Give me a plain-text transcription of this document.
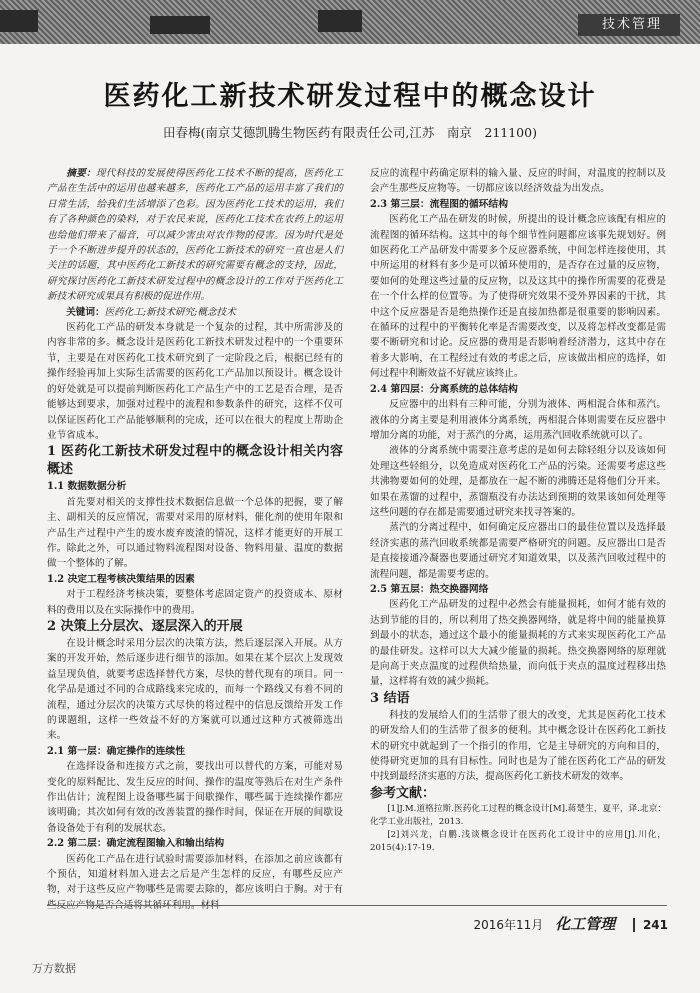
技术管理
医药化工新技术研发过程中的概念设计
田春梅(南京艾德凯腾生物医药有限责任公司,江苏　南京　211100)

摘要：现代科技的发展使得医药化工技术不断的提高，医药化工产品在生活中的运用也越来越多，医药化工产品的运用丰富了我们的日常生活，给我们生活增添了色彩。因为医药化工技术的运用，我们有了各种颜色的染料，对于农民来说，医药化工技术在农药上的运用也给他们带来了福音，可以减少害虫对农作物的侵害。因为时代是处于一个不断进步提升的状态的，医药化工新技术的研究一直也是人们关注的话题，其中医药化工新技术的研究需要有概念的支持，因此，研究探讨医药化工新技术研发过程中的概念设计的工作对于医药化工新技术研究成果具有积极的促进作用。

关键词：医药化工;新技术研究;概念技术

医药化工产品的研发本身就是一个复杂的过程，其中所需涉及的内容非常的多。概念设计是医药化工新技术研发过程中的一个重要环节，主要是在对医药化工技术研究到了一定阶段之后，根据已经有的操作经验再加上实际生活需要的医药化工产品加以预设计。概念设计的好处就是可以提前判断医药化工产品生产中的工艺是否合理，是否能够达到要求，加强对过程中的流程和参数条件的研究，这样不仅可以保证医药化工产品能够顺利的完成，还可以在很大的程度上帮助企业节省成本。

1 医药化工新技术研发过程中的概念设计相关内容概述

1.1 数据数据分析

首先要对相关的支撑性技术数据信息做一个总体的把握，要了解主、副相关的反应情况，需要对采用的原材料，催化剂的使用年限和产品生产过程中产生的废水废弃废渣的情况，这样才能更好的开展工作。除此之外，可以通过物料流程图对设备、物料用量、温度的数据做一个整体的了解。

1.2 决定工程考核决策结果的因素

对于工程经济考核决策，要整体考虑固定资产的投资成本、原材料的费用以及在实际操作中的费用。

2 决策上分层次、逐层深入的开展

在设计概念时采用分层次的决策方法，然后逐层深入开展。从方案的开发开始，然后逐步进行细节的添加。如果在某个层次上发现效益呈现负值，就要考虑选择替代方案，尽快的替代现有的项目。同一化学品是通过不同的合成路线来完成的，而每一个路线又有着不同的流程，通过分层次的决策方式尽快的将过程中的信息反馈给开发工作的课题组，这样一些效益不好的方案就可以通过这种方式被筛选出来。

2.1 第一层：确定操作的连续性

在选择设备和连接方式之前，要找出可以替代的方案，可能对易变化的原料配比、发生反应的时间、操作的温度等熟后在对生产条件作出估计；流程图上设备哪些属于间歇操作，哪些属于连续操作都应该明确；其次如何有效的改善装置的操作时间，保证在开展的间歇设备设备处于有利的发展状态。

2.2 第二层：确定流程图输入和输出结构

医药化工产品在进行试验时需要添加材料，在添加之前应该都有个预估，知道材料加入进去之后是产生怎样的反应，有哪些反应产物，对于这些反应产物哪些是需要去除的，都应该明白于胸。对于有些反应产物是否合适将其循环利用。材料

反应的流程中药确定原料的输入量、反应的时间，对温度的控制以及会产生那些反应物等。一切都应该以经济效益为出发点。

2.3 第三层：流程图的循环结构

医药化工产品在研发的时候，所提出的设计概念应该配有相应的流程图的循环结构。这其中的每个细节性问题都应该事先规划好。例如医药化工产品研发中需要多个反应器系统，中间怎样连接使用，其中所运用的材料有多少是可以循环使用的，是否存在过量的反应物，要如何的处理这些过量的反应物，以及这其中的操作所需要的花费是在一个什么样的位置等。为了使得研究效果不受外界因素的干扰，其中这个反应器是否是绝热操作还是直接加热都是很重要的影响因素。在循环的过程中的平衡转化率是否需要改变，以及将怎样改变都是需要不断研究和讨论。反应器的费用是否影响着经济潜力，这其中存在着多大影响，在工程经过有效的考虑之后，应该做出相应的选择，如何过程中利断效益不好就应该终止。

2.4 第四层：分离系统的总体结构

反应器中的出料有三种可能，分别为液体、两相混合体和蒸汽。液体的分离主要是利用液体分离系统，两相混合体则需要在反应器中增加分离的功能，对于蒸汽的分离，运用蒸汽回收系统就可以了。

液体的分离系统中需要注意考虑的是如何去除轻组分以及该如何处理这些轻组分，以免造成对医药化工产品的污染。还需要考虑这些共沸物要如何的处理，是都放在一起不断的沸腾还是将他们分开来。如果在蒸馏的过程中，蒸馏瓶没有办法达到预期的效果该如何处理等这些问题的存在都是需要通过研究来找寻答案的。

蒸汽的分离过程中，如何确定反应器出口的最佳位置以及选择最经济实惠的蒸汽回收系统都是需要严格研究的问题。反应器出口是否是直接接通冷凝器也要通过研究才知道效果，以及蒸汽回收过程中的流程问题，都是需要考虑的。

2.5 第五层：热交换器网络

医药化工产品研发的过程中必然会有能量损耗，如何才能有效的达到节能的目的，所以利用了热交换器网络，就是将中间的能量换算到最小的状态，通过这个最小的能量损耗的方式来实现医药化工产品的最佳研发。这样可以大大减少能量的损耗。热交换器网络的原理就是向高于夹点温度的过程供给热量，而向低于夹点的温度过程移出热量，这样将有效的减少损耗。

3 结语

科技的发展给人们的生活带了很大的改变，尤其是医药化工技术的研发给人们的生活带了很多的便利。其中概念设计在医药化工新技术的研究中就起到了一个指引的作用，它是主导研究的方向和目的，使得研究更加的具有目标性。同时也是为了能在医药化工产品的研发中找到最经济实惠的方法，提高医药化工新技术研发的效率。

参考文献：

[1]J.M.道格拉斯.医药化工过程的概念设计[M].蒋楚生，夏平，译.北京：化学工业出版社，2013.

[2]刘兴龙，白鹏.浅谈概念设计在医药化工设计中的应用[J].川化，2015(4):17-19.

2016年11月 化工管理 241
万方数据
